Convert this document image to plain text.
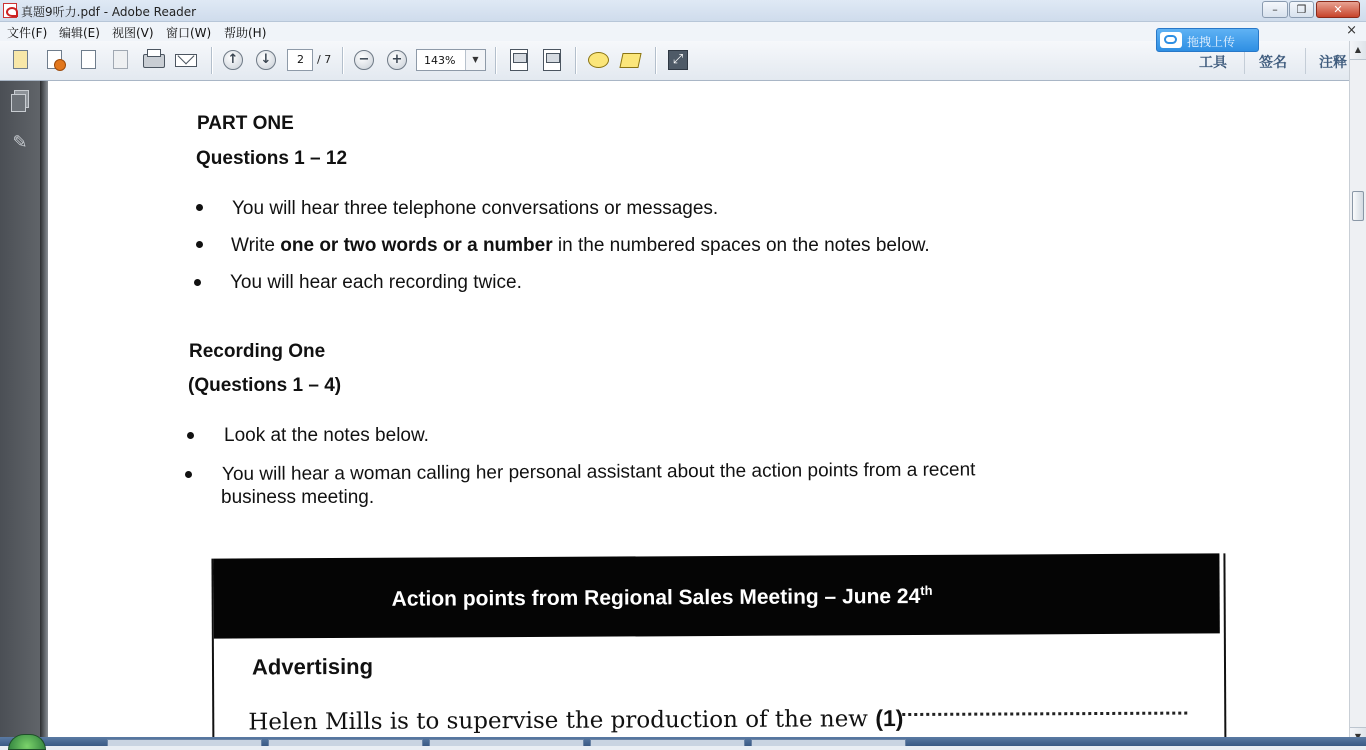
真题9听力.pdf - Adobe Reader	–	❐	✕
文件(F) 编辑(E) 视图(V) 窗口(W) 帮助(H)	×
↑	↓	2	/ 7	−	+	143%	▼	⤢	工具 签名 注释
拖拽上传
✎
PART ONE
Questions 1 – 12
You will hear three telephone conversations or messages.
Write one or two words or a number in the numbered spaces on the notes below.
You will hear each recording twice.
Recording One
(Questions 1 – 4)
Look at the notes below.
You will hear a woman calling her personal assistant about the action points from a recent
business meeting.
Action points from Regional Sales Meeting – June 24th
Advertising
Helen Mills is to supervise the production of the new (1)
▲
